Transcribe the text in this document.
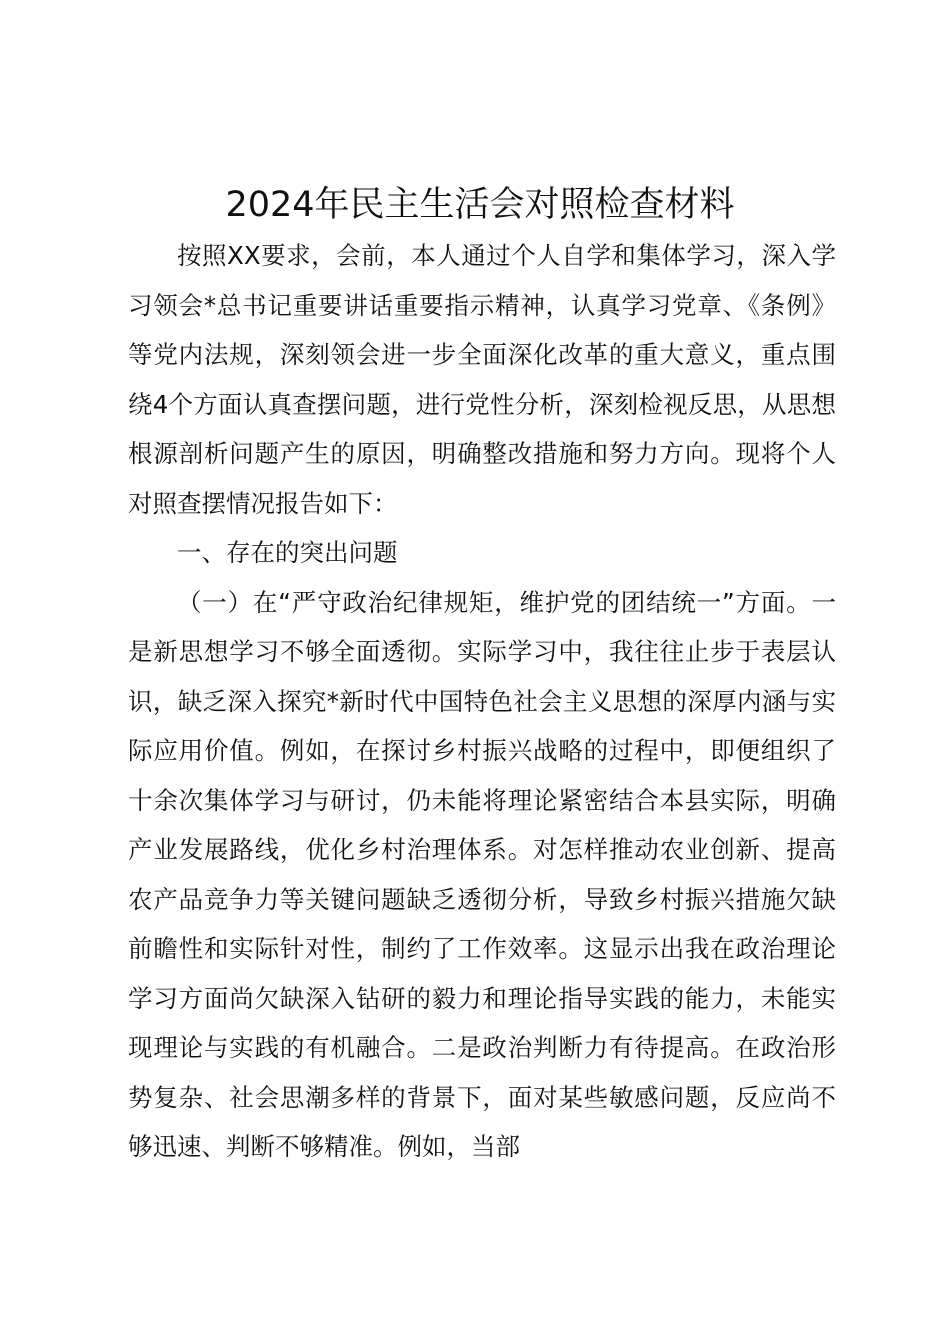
2024年民主生活会对照检查材料

按照XX要求，会前，本人通过个人自学和集体学习，深入学习领会*总书记重要讲话重要指示精神，认真学习党章、《条例》等党内法规，深刻领会进一步全面深化改革的重大意义，重点围绕4个方面认真查摆问题，进行党性分析，深刻检视反思，从思想根源剖析问题产生的原因，明确整改措施和努力方向。现将个人对照查摆情况报告如下：

一、存在的突出问题

（一）在“严守政治纪律规矩，维护党的团结统一”方面。一是新思想学习不够全面透彻。实际学习中，我往往止步于表层认识，缺乏深入探究*新时代中国特色社会主义思想的深厚内涵与实际应用价值。例如，在探讨乡村振兴战略的过程中，即便组织了十余次集体学习与研讨，仍未能将理论紧密结合本县实际，明确产业发展路线，优化乡村治理体系。对怎样推动农业创新、提高农产品竞争力等关键问题缺乏透彻分析，导致乡村振兴措施欠缺前瞻性和实际针对性，制约了工作效率。这显示出我在政治理论学习方面尚欠缺深入钻研的毅力和理论指导实践的能力，未能实现理论与实践的有机融合。二是政治判断力有待提高。在政治形势复杂、社会思潮多样的背景下，面对某些敏感问题，反应尚不够迅速、判断不够精准。例如，当部
